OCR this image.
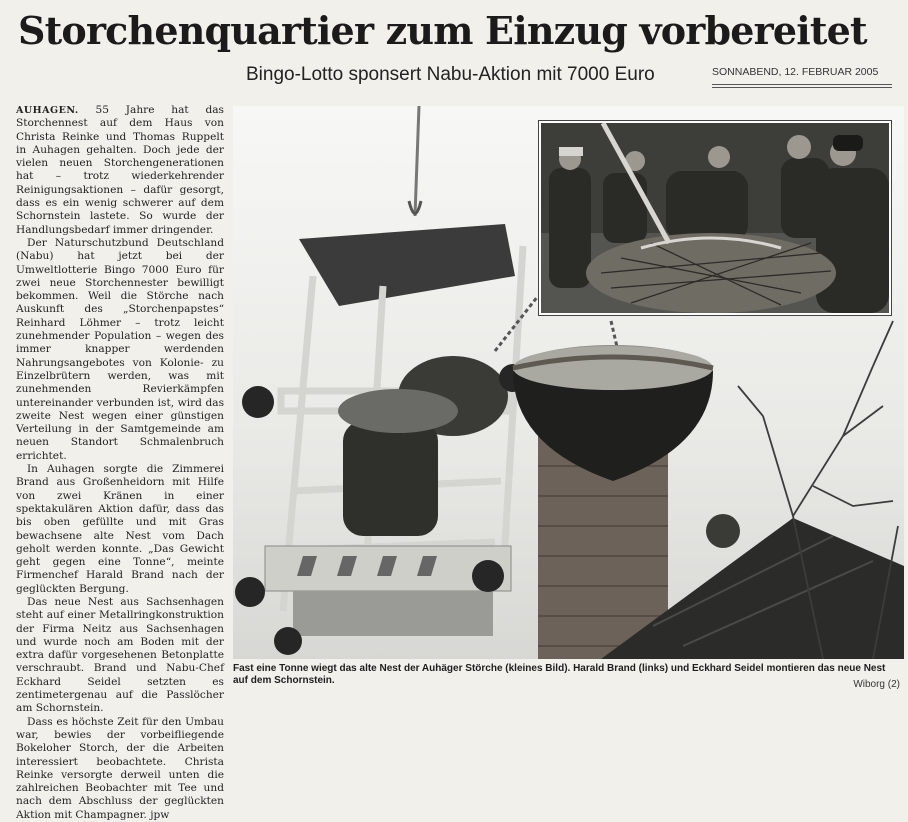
Storchenquartier zum Einzug vorbereitet
Bingo-Lotto sponsert Nabu-Aktion mit 7000 Euro	SONNABEND, 12. FEBRUAR 2005

AUHAGEN. 55 Jahre hat das Storchennest auf dem Haus von Christa Reinke und Thomas Ruppelt in Auhagen gehalten. Doch jede der vielen neuen Storchengenerationen hat – trotz wiederkehrender Reinigungsaktionen – dafür gesorgt, dass es ein wenig schwerer auf dem Schornstein lastete. So wurde der Handlungsbedarf immer dringender.

Der Naturschutzbund Deutschland (Nabu) hat jetzt bei der Umweltlotterie Bingo 7000 Euro für zwei neue Storchennester bewilligt bekommen. Weil die Störche nach Auskunft des „Storchenpapstes“ Reinhard Löhmer – trotz leicht zunehmender Population – wegen des immer knapper werdenden Nahrungsangebotes von Kolonie- zu Einzelbrütern werden, was mit zunehmenden Revierkämpfen untereinander verbunden ist, wird das zweite Nest wegen einer günstigen Verteilung in der Samtgemeinde am neuen Standort Schmalenbruch errichtet.

In Auhagen sorgte die Zimmerei Brand aus Großenheidorn mit Hilfe von zwei Kränen in einer spektakulären Aktion dafür, dass das bis oben gefüllte und mit Gras bewachsene alte Nest vom Dach geholt werden konnte. „Das Gewicht geht gegen eine Tonne“, meinte Firmenchef Harald Brand nach der geglückten Bergung.

Das neue Nest aus Sachsenhagen steht auf einer Metallringkonstruktion der Firma Neitz aus Sachsenhagen und wurde noch am Boden mit der extra dafür vorgesehenen Betonplatte verschraubt. Brand und Nabu-Chef Eckhard Seidel setzten es zentimetergenau auf die Passlöcher am Schornstein.

Dass es höchste Zeit für den Umbau war, bewies der vorbeifliegende Bokeloher Storch, der die Arbeiten interessiert beobachtete. Christa Reinke versorgte derweil unten die zahlreichen Beobachter mit Tee und nach dem Abschluss der geglückten Aktion mit Champagner. jpw

Fast eine Tonne wiegt das alte Nest der Auhäger Störche (kleines Bild). Harald Brand (links) und Eckhard Seidel montieren das neue Nest auf dem Schornstein.	Wiborg (2)
